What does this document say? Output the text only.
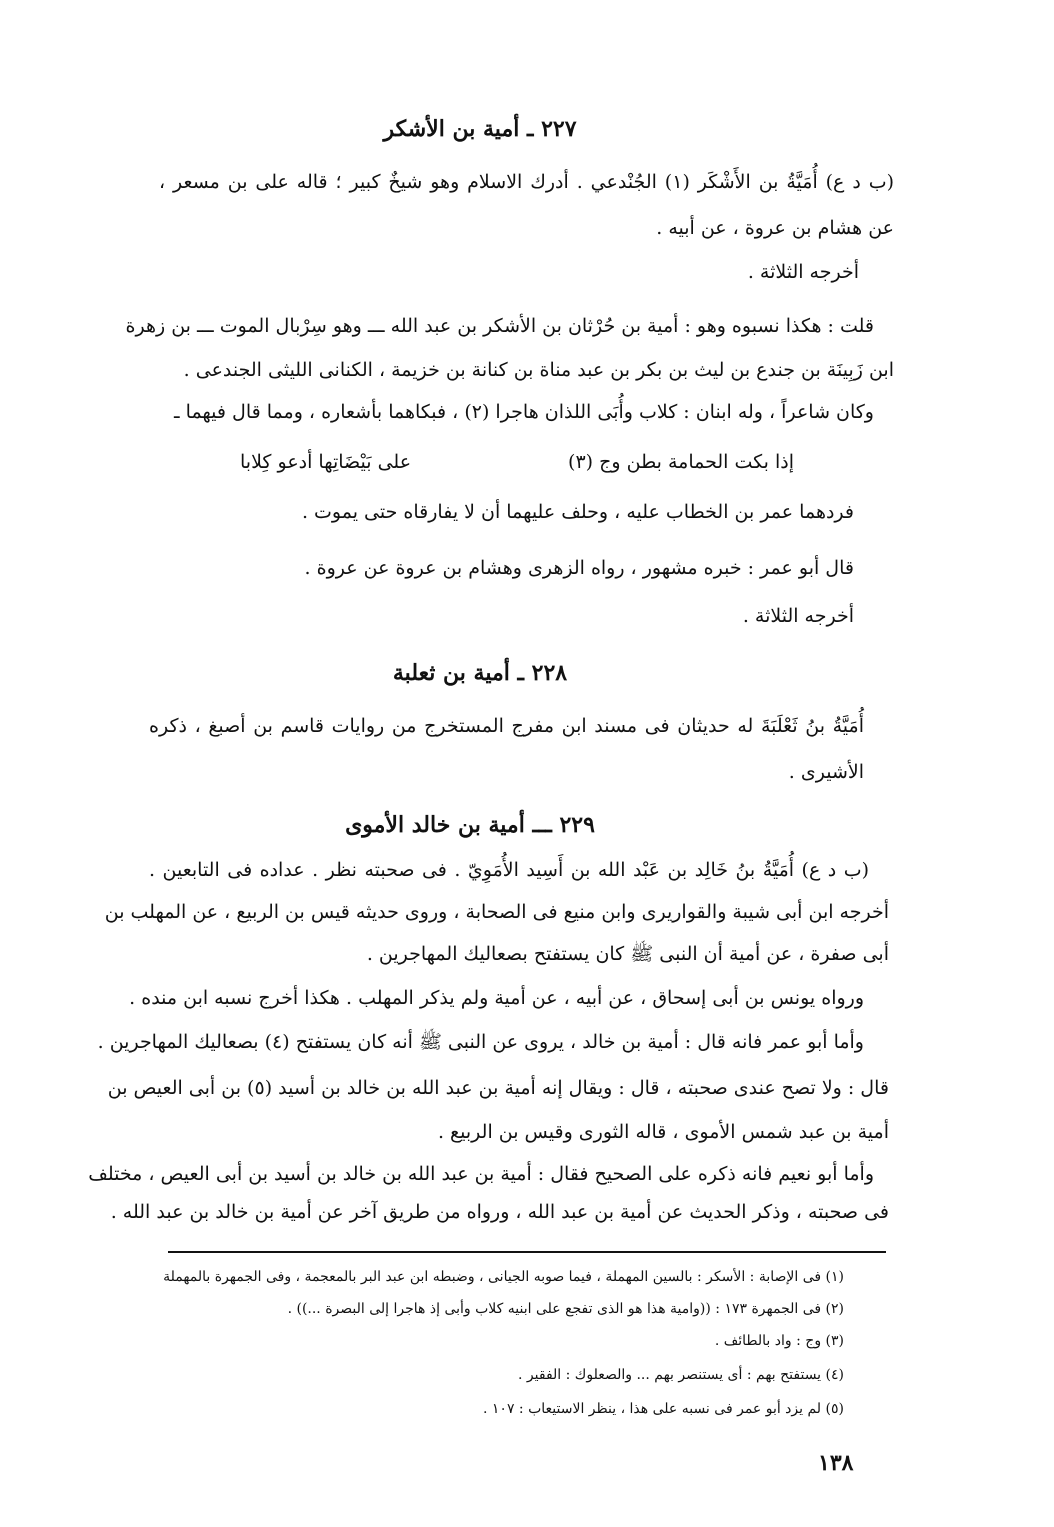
٢٢٧ ـ أمية بن الأشكر
(ب د ع) أُمَيَّةُ بن الأَشْكَر (١) الجُنْدعي . أدرك الاسلام وهو شيخٌ كبير ؛ قاله على بن مسعر ،
عن هشام بن عروة ، عن أبيه .
أخرجه الثلاثة .
قلت : هكذا نسبوه وهو : أمية بن حُرْثان بن الأشكر بن عبد الله ـــ وهو سِرْبال الموت ـــ بن زهرة
ابن زَبِينَة بن جندع بن ليث بن بكر بن عبد مناة بن كنانة بن خزيمة ، الكنانى الليثى الجندعى .
وكان شاعراً ، وله ابنان : كلاب وأُبَى اللذان هاجرا (٢) ، فبكاهما بأشعاره ، ومما قال فيهما ـ
إذا بكت الحمامة بطن وج (٣)
على بَيْضَاتِها أدعو كِلابا
فردهما عمر بن الخطاب عليه ، وحلف عليهما أن لا يفارقاه حتى يموت .
قال أبو عمر : خبره مشهور ، رواه الزهرى وهشام بن عروة عن عروة .
أخرجه الثلاثة .
٢٢٨ ـ أمية بن ثعلبة
أُمَيَّةُ بنُ ثَعْلَبَةَ له حديثان فى مسند ابن مفرج المستخرج من روايات قاسم بن أصبغ ، ذكره
الأشيرى .
٢٢٩ ـــ أمية بن خالد الأموى
(ب د ع) أُمَيَّةُ بنُ خَالِد بن عَبْد الله بن أَسِيد الأُمَوِيّ . فى صحبته نظر . عداده فى التابعين .
أخرجه ابن أبى شيبة والقواريرى وابن منيع فى الصحابة ، وروى حديثه قيس بن الربيع ، عن المهلب بن
أبى صفرة ، عن أمية أن النبى ﷺ كان يستفتح بصعاليك المهاجرين .
ورواه يونس بن أبى إسحاق ، عن أبيه ، عن أمية ولم يذكر المهلب . هكذا أخرج نسبه ابن منده .
وأما أبو عمر فانه قال : أمية بن خالد ، يروى عن النبى ﷺ أنه كان يستفتح (٤) بصعاليك المهاجرين .
قال : ولا تصح عندى صحبته ، قال : ويقال إنه أمية بن عبد الله بن خالد بن أسيد (٥) بن أبى العيص بن
أمية بن عبد شمس الأموى ، قاله الثورى وقيس بن الربيع .
وأما أبو نعيم فانه ذكره على الصحيح فقال : أمية بن عبد الله بن خالد بن أسيد بن أبى العيص ، مختلف
فى صحبته ، وذكر الحديث عن أمية بن عبد الله ، ورواه من طريق آخر عن أمية بن خالد بن عبد الله .
(١) فى الإصابة : الأسكر : بالسين المهملة ، فيما صوبه الجيانى ، وضبطه ابن عبد البر بالمعجمة ، وفى الجمهرة بالمهملة
(٢) فى الجمهرة ١٧٣ : ((وامية هذا هو الذى تفجع على ابنيه كلاب وأبى إذ هاجرا إلى البصرة ...)) .
(٣) وج : واد بالطائف .
(٤) يستفتح بهم : أى يستنصر بهم ... والصعلوك : الفقير .
(٥) لم يزد أبو عمر فى نسبه على هذا ، ينظر الاستيعاب : ١٠٧ .
١٣٨
